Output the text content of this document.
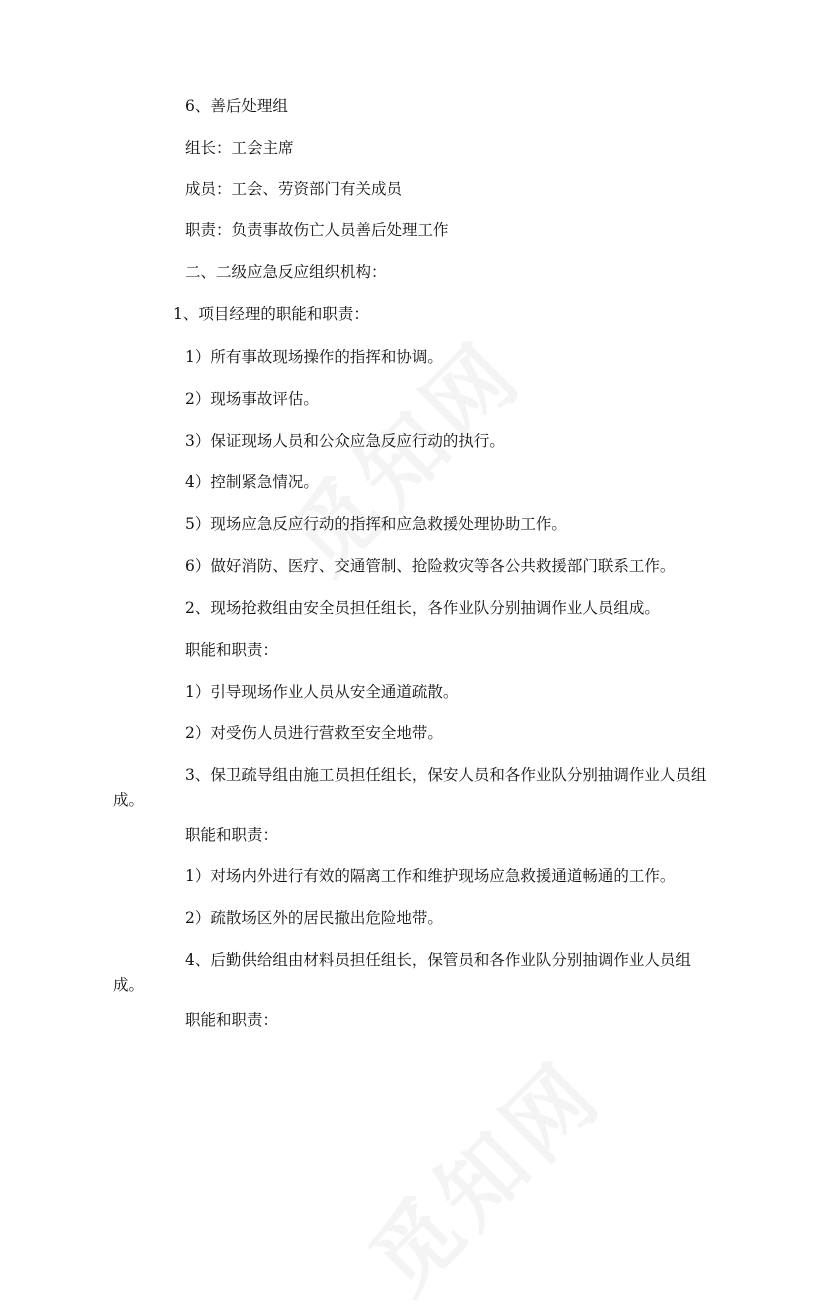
6、善后处理组

组长：工会主席

成员：工会、劳资部门有关成员

职责：负责事故伤亡人员善后处理工作

二、二级应急反应组织机构：

1、项目经理的职能和职责：

1）所有事故现场操作的指挥和协调。

2）现场事故评估。

3）保证现场人员和公众应急反应行动的执行。

4）控制紧急情况。

5）现场应急反应行动的指挥和应急救援处理协助工作。

6）做好消防、医疗、交通管制、抢险救灾等各公共救援部门联系工作。

2、现场抢救组由安全员担任组长，各作业队分别抽调作业人员组成。

职能和职责：

1）引导现场作业人员从安全通道疏散。

2）对受伤人员进行营救至安全地带。

3、保卫疏导组由施工员担任组长，保安人员和各作业队分别抽调作业人员组成。

职能和职责：

1）对场内外进行有效的隔离工作和维护现场应急救援通道畅通的工作。

2）疏散场区外的居民撤出危险地带。

4、后勤供给组由材料员担任组长，保管员和各作业队分别抽调作业人员组成。

职能和职责：
